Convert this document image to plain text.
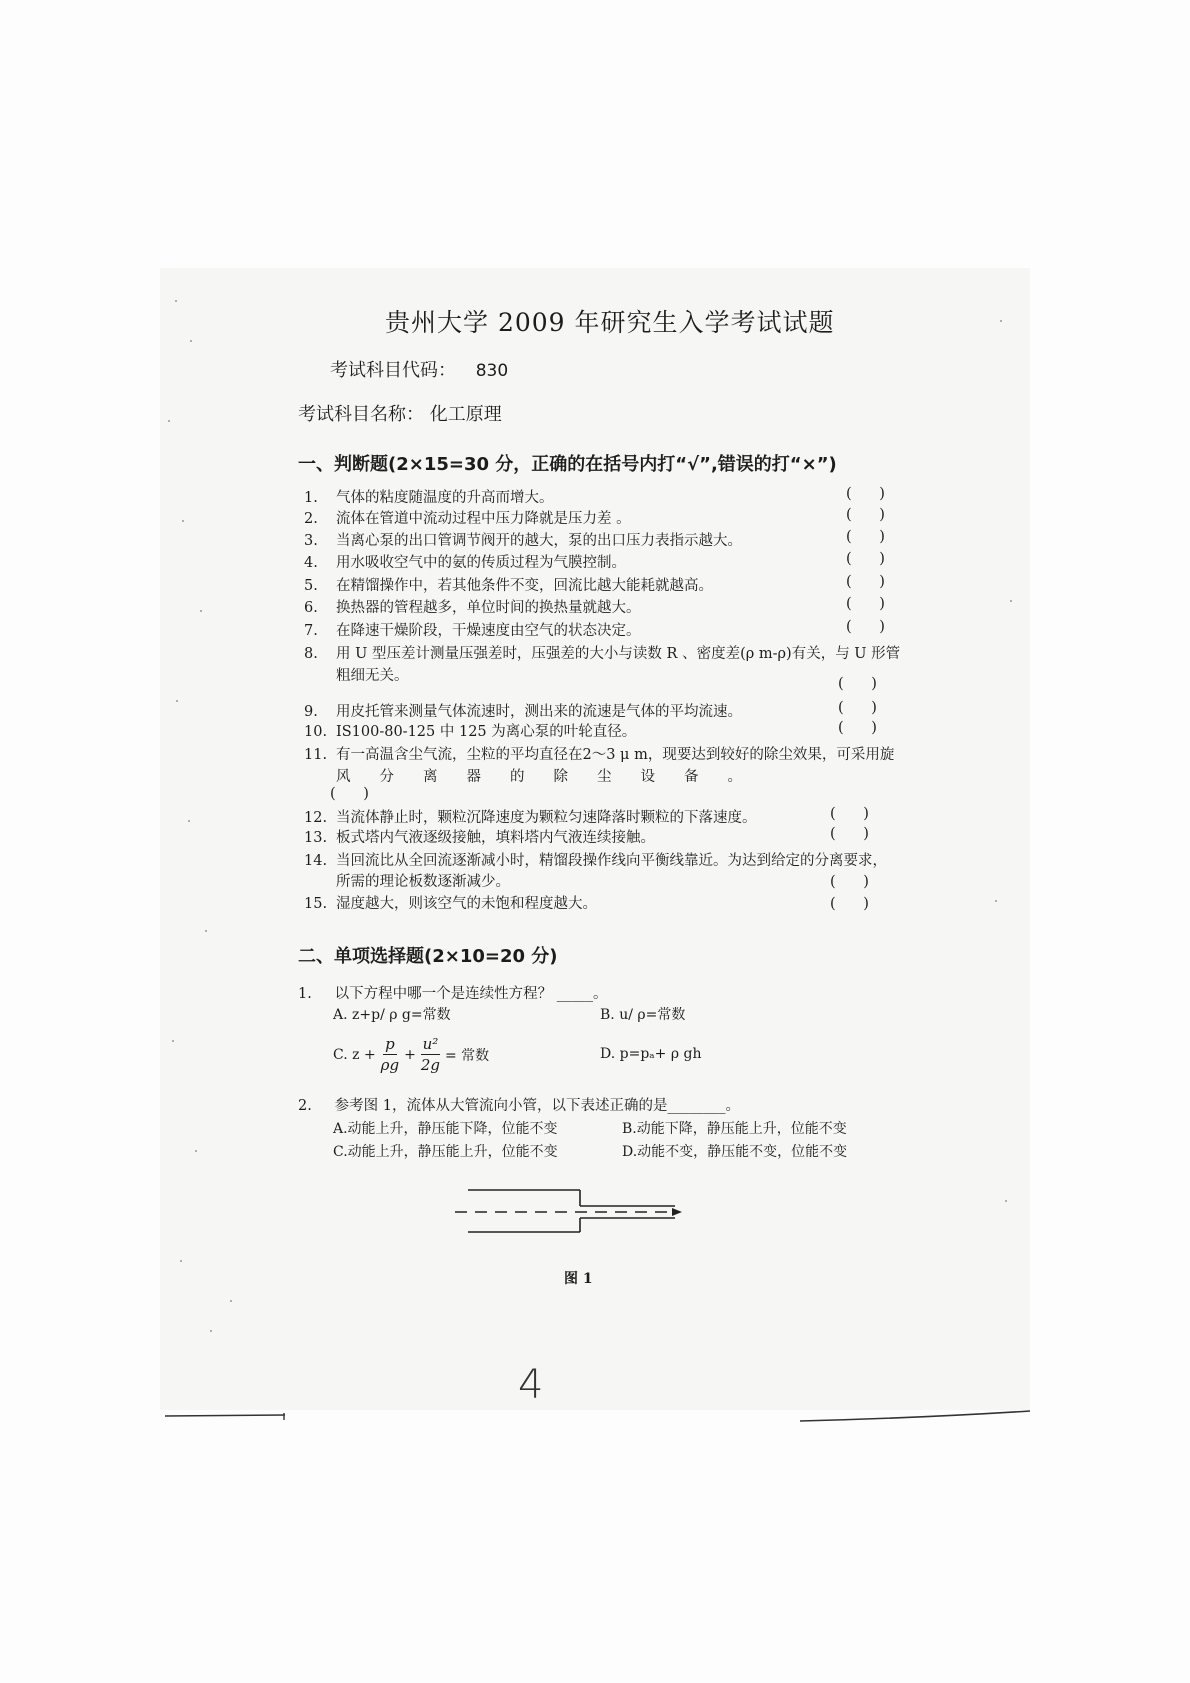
贵州大学 2009 年研究生入学考试试题
考试科目代码： 830
考试科目名称： 化工原理
一、判断题(2×15=30 分，正确的在括号内打“√”,错误的打“×”)
1. 气体的粘度随温度的升高而增大。	(      )
2. 流体在管道中流动过程中压力降就是压力差 。	(      )
3. 当离心泵的出口管调节阀开的越大，泵的出口压力表指示越大。	(      )
4. 用水吸收空气中的氨的传质过程为气膜控制。	(      )
5. 在精馏操作中，若其他条件不变，回流比越大能耗就越高。	(      )
6. 换热器的管程越多，单位时间的换热量就越大。	(      )
7. 在降速干燥阶段，干燥速度由空气的状态决定。	(      )
8. 用 U 型压差计测量压强差时，压强差的大小与读数 R 、密度差(ρ m-ρ)有关，与 U 形管
粗细无关。	(      )
9. 用皮托管来测量气体流速时，测出来的流速是气体的平均流速。	(      )
10. IS100-80-125 中 125 为离心泵的叶轮直径。	(      )
11. 有一高温含尘气流，尘粒的平均直径在2～3 μ m，现要达到较好的除尘效果，可采用旋
风　　分　　离　　器　　的　　除　　尘　　设　　备　　。
(      )
12. 当流体静止时，颗粒沉降速度为颗粒匀速降落时颗粒的下落速度。	(      )
13. 板式塔内气液逐级接触，填料塔内气液连续接触。	(      )
14. 当回流比从全回流逐渐减小时，精馏段操作线向平衡线靠近。为达到给定的分离要求，
所需的理论板数逐渐减少。	(      )
15. 湿度越大，则该空气的未饱和程度越大。	(      )
二、单项选择题(2×10=20 分)
1. 以下方程中哪一个是连续性方程？ _____。
A. z+p/ ρ g=常数	B. u/ ρ=常数
C. $z + \frac{p}{\rho g} + \frac{\text{u²}}{2g}$ = 常数	D. p=pₐ+ ρ gh
2. 参考图 1，流体从大管流向小管，以下表述正确的是________。
A.动能上升，静压能下降，位能不变	B.动能下降，静压能上升，位能不变
C.动能上升，静压能上升，位能不变	D.动能不变，静压能不变，位能不变
图 1
4
